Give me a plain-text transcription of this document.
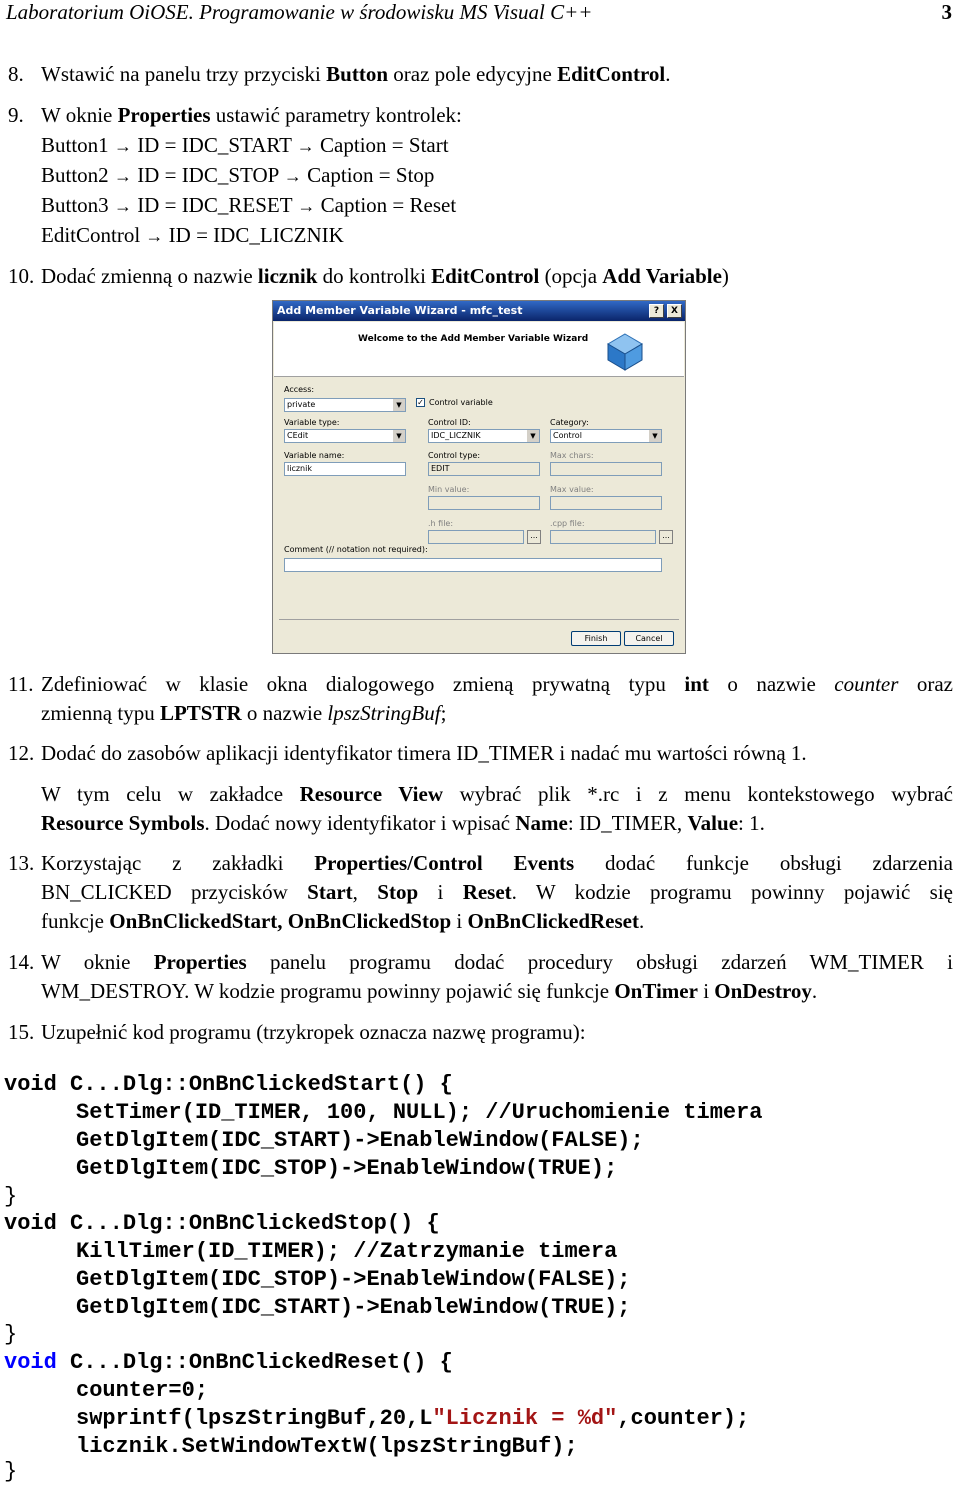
Laboratorium OiOSE. Programowanie w środowisku MS Visual C++	3
8. Wstawić na panelu trzy przyciski Button oraz pole edycyjne EditControl.
9. W oknie Properties ustawić parametry kontrolek:
Button1 → ID = IDC_START → Caption = Start
Button2 → ID = IDC_STOP → Caption = Stop
Button3 → ID = IDC_RESET → Caption = Reset
EditControl → ID = IDC_LICZNIK
10. Dodać zmienną o nazwie licznik do kontrolki EditControl (opcja Add Variable)
Add Member Variable Wizard - mfc_test	?	X
Welcome to the Add Member Variable Wizard
Access:
private	▼	✓ Control variable
Variable type:
CEdit	▼
Control ID:
IDC_LICZNIK	▼
Category:
Control	▼
Variable name:
licznik
Control type:
EDIT
Max chars:
Min value:	Max value:
.h file:
...
.cpp file:
...
Comment (// notation not required):
Finish	Cancel
11. Zdefiniować w klasie okna dialogowego zmieną prywatną typu int o nazwie counter oraz
zmienną typu LPTSTR o nazwie lpszStringBuf;
12. Dodać do zasobów aplikacji identyfikator timera ID_TIMER i nadać mu wartości równą 1.
W tym celu w zakładce Resource View wybrać plik *.rc i z menu kontekstowego wybrać
Resource Symbols. Dodać nowy identyfikator i wpisać Name: ID_TIMER, Value: 1.
13. Korzystając z zakładki Properties/Control Events dodać funkcje obsługi zdarzenia
BN_CLICKED przycisków Start, Stop i Reset. W kodzie programu powinny pojawić się
funkcje OnBnClickedStart, OnBnClickedStop i OnBnClickedReset.
14. W oknie Properties panelu programu dodać procedury obsługi zdarzeń WM_TIMER i
WM_DESTROY. W kodzie programu powinny pojawić się funkcje OnTimer i OnDestroy.
15. Uzupełnić kod programu (trzykropek oznacza nazwę programu):
void C...Dlg::OnBnClickedStart() {
SetTimer(ID_TIMER, 100, NULL); //Uruchomienie timera
GetDlgItem(IDC_START)->EnableWindow(FALSE);
GetDlgItem(IDC_STOP)->EnableWindow(TRUE);
}
void C...Dlg::OnBnClickedStop() {
KillTimer(ID_TIMER); //Zatrzymanie timera
GetDlgItem(IDC_STOP)->EnableWindow(FALSE);
GetDlgItem(IDC_START)->EnableWindow(TRUE);
}
void C...Dlg::OnBnClickedReset() {
counter=0;
swprintf(lpszStringBuf,20,L"Licznik = %d",counter);
licznik.SetWindowTextW(lpszStringBuf);
}
